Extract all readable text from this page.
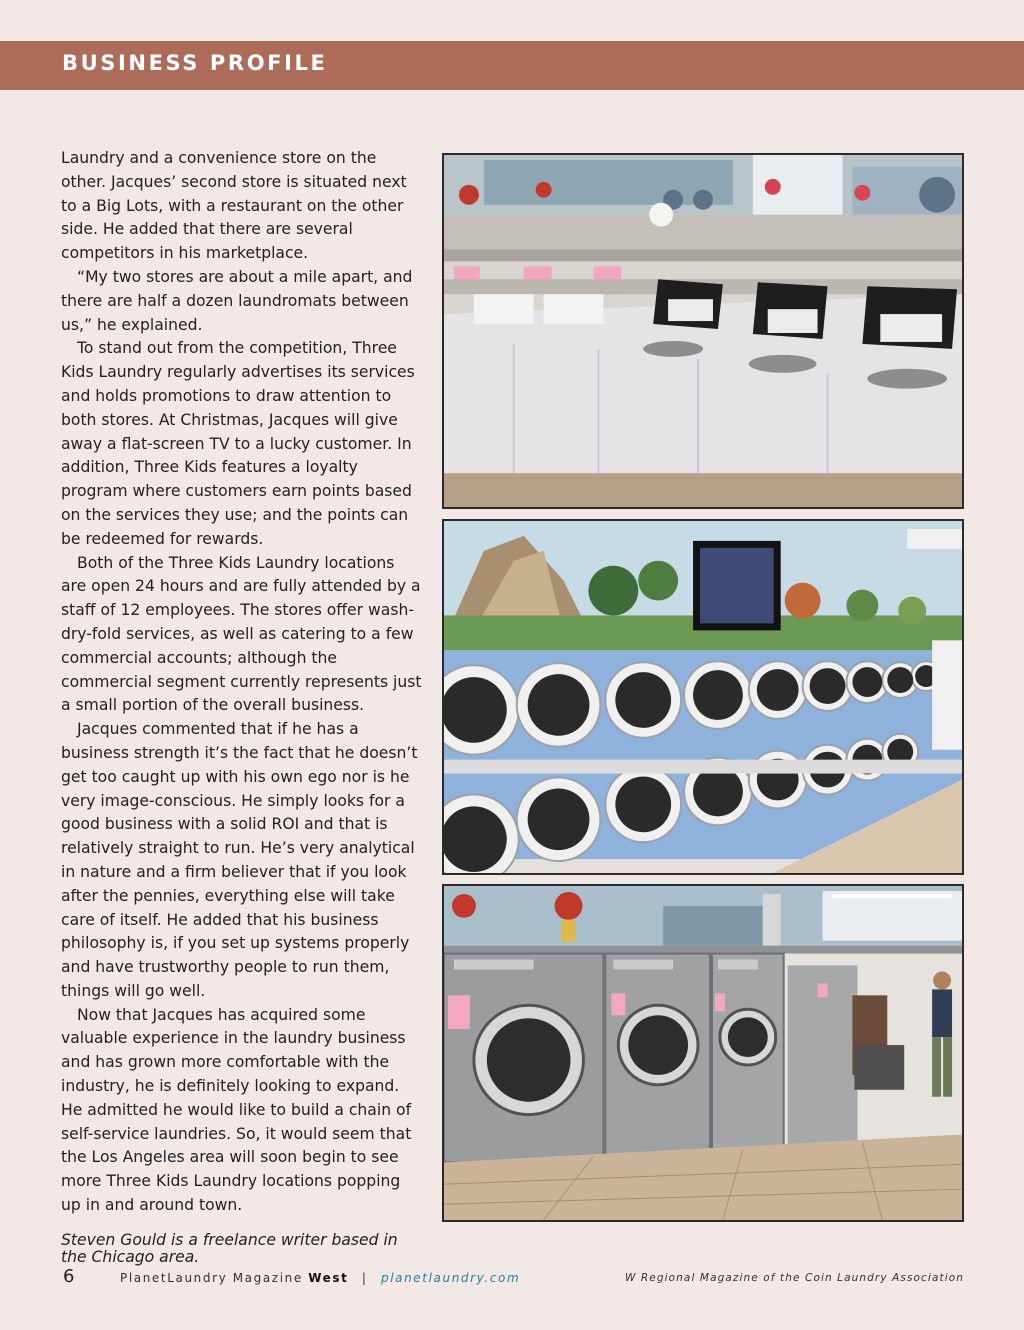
BUSINESS PROFILE

Laundry and a convenience store on the other. Jacques’ second store is situated next to a Big Lots, with a restaurant on the other side. He added that there are several competitors in his marketplace.

“My two stores are about a mile apart, and there are half a dozen laundromats between us,” he explained.

To stand out from the competition, Three Kids Laundry regularly advertises its services and holds promotions to draw attention to both stores. At Christmas, Jacques will give away a flat-screen TV to a lucky customer. In addition, Three Kids features a loyalty program where customers earn points based on the services they use; and the points can be redeemed for rewards.

Both of the Three Kids Laundry locations are open 24 hours and are fully attended by a staff of 12 employees. The stores offer wash-dry-fold services, as well as catering to a few commercial accounts; although the commercial segment currently represents just a small portion of the overall business.

Jacques commented that if he has a business strength it’s the fact that he doesn’t get too caught up with his own ego nor is he very image-conscious. He simply looks for a good business with a solid ROI and that is relatively straight to run. He’s very analytical in nature and a firm believer that if you look after the pennies, everything else will take care of itself. He added that his business philosophy is, if you set up systems properly and have trustworthy people to run them, things will go well.

Now that Jacques has acquired some valuable experience in the laundry business and has grown more comfortable with the industry, he is definitely looking to expand. He admitted he would like to build a chain of self-service laundries. So, it would seem that the Los Angeles area will soon begin to see more Three Kids Laundry locations popping up in and around town.

Steven Gould is a freelance writer based in the Chicago area.

6	PlanetLaundry Magazine West | planetlaundry.com	W Regional Magazine of the Coin Laundry Association
